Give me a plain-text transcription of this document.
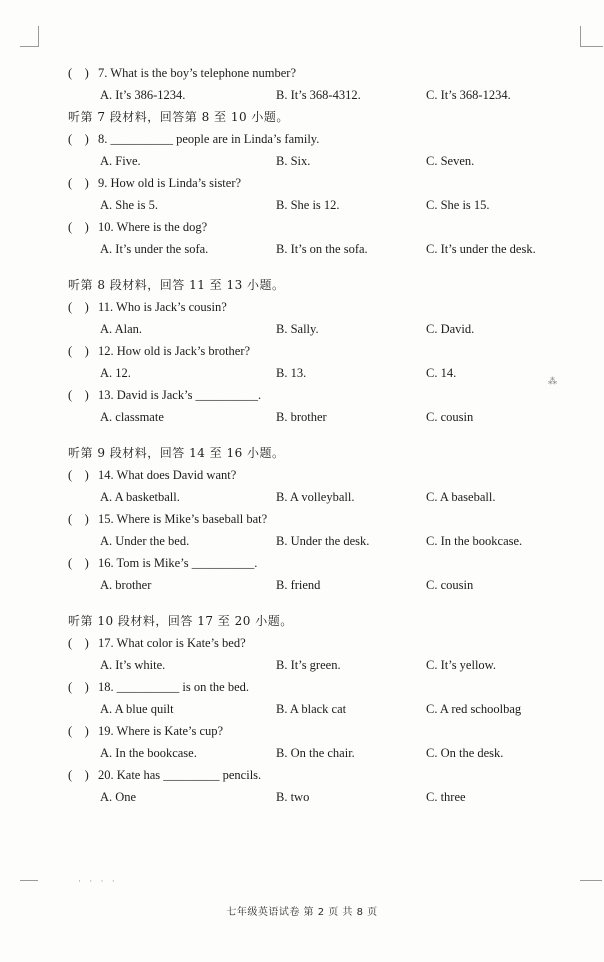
(　) 7. What is the boy’s telephone number?
A. It’s 386-1234.	B. It’s 368-4312.	C. It’s 368-1234.
听第 7 段材料，回答第 8 至 10 小题。
(　) 8. __________ people are in Linda’s family.
A. Five.	B. Six.	C. Seven.
(　) 9. How old is Linda’s sister?
A. She is 5.	B. She is 12.	C. She is 15.
(　) 10. Where is the dog?
A. It’s under the sofa.	B. It’s on the sofa.	C. It’s under the desk.
听第 8 段材料，回答 11 至 13 小题。
(　) 11. Who is Jack’s cousin?
A. Alan.	B. Sally.	C. David.
(　) 12. How old is Jack’s brother?
A. 12.	B. 13.	C. 14.
(　) 13. David is Jack’s __________.
A. classmate	B. brother	C. cousin
听第 9 段材料，回答 14 至 16 小题。
(　) 14. What does David want?
A. A basketball.	B. A volleyball.	C. A baseball.
(　) 15. Where is Mike’s baseball bat?
A. Under the bed.	B. Under the desk.	C. In the bookcase.
(　) 16. Tom is Mike’s __________.
A. brother	B. friend	C. cousin
听第 10 段材料，回答 17 至 20 小题。
(　) 17. What color is Kate’s bed?
A. It’s white.	B. It’s green.	C. It’s yellow.
(　) 18. __________ is on the bed.
A. A blue quilt	B. A black cat	C. A red schoolbag
(　) 19. Where is Kate’s cup?
A. In the bookcase.	B. On the chair.	C. On the desk.
(　) 20. Kate has _________ pencils.
A. One	B. two	C. three
· · · ·
⁂
七年级英语试卷 第 2 页 共 8 页
